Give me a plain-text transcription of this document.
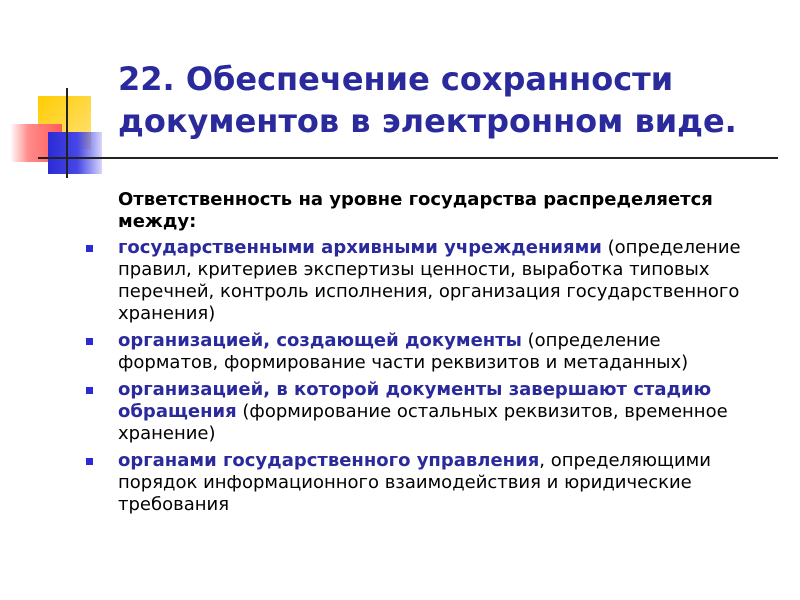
22. Обеспечение сохранности документов в электронном виде.

Ответственность на уровне государства распределяется между:

государственными архивными учреждениями (определение правил, критериев экспертизы ценности, выработка типовых перечней, контроль исполнения, организация государственного хранения)
организацией, создающей документы (определение форматов, формирование части реквизитов и метаданных)
организацией, в которой документы завершают стадию обращения (формирование остальных реквизитов, временное хранение)
органами государственного управления, определяющими порядок информационного взаимодействия и юридические требования
